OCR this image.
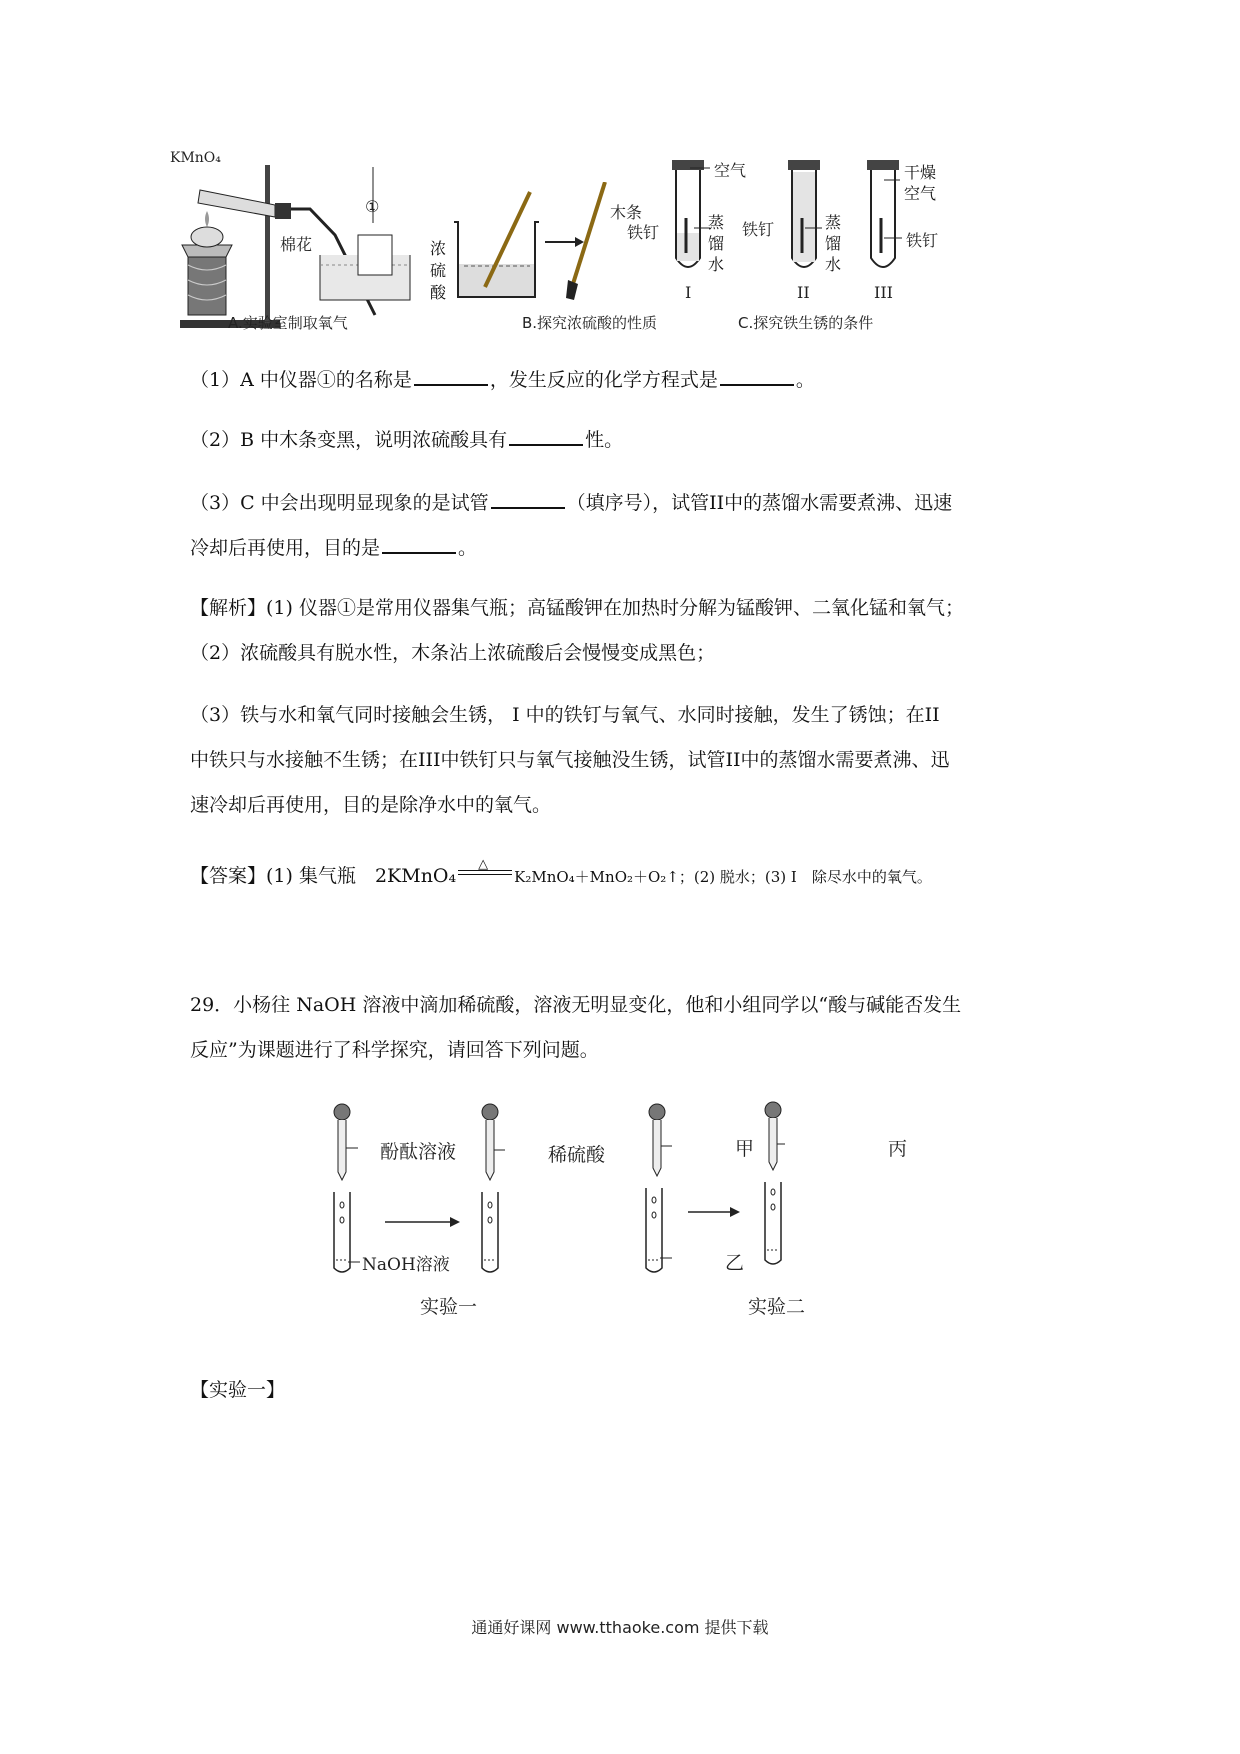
KMnO₄
棉花
①
A.实验室制取氧气
木条
浓
硫
酸
B.探究浓硫酸的性质
空气
铁钉
蒸
馏
水
铁钉	蒸
馏
水
干燥
空气
铁钉
I	II	III
C.探究铁生锈的条件
（1）A 中仪器①的名称是	，发生反应的化学方程式是	。
（2）B 中木条变黑，说明浓硫酸具有	性。
（3）C 中会出现明显现象的是试管	（填序号），试管II中的蒸馏水需要煮沸、迅速
冷却后再使用，目的是	。
【解析】(1) 仪器①是常用仪器集气瓶；高锰酸钾在加热时分解为锰酸钾、二氧化锰和氧气；
（2）浓硫酸具有脱水性，木条沾上浓硫酸后会慢慢变成黑色；
（3）铁与水和氧气同时接触会生锈， I 中的铁钉与氧气、水同时接触，发生了锈蚀；在II
中铁只与水接触不生锈；在III中铁钉只与氧气接触没生锈，试管II中的蒸馏水需要煮沸、迅
速冷却后再使用，目的是除净水中的氧气。
【答案】(1) 集气瓶　2KMnO₄
△
K₂MnO₄＋MnO₂＋O₂↑；(2) 脱水；(3) I　除尽水中的氧气。
29．小杨往 NaOH 溶液中滴加稀硫酸，溶液无明显变化，他和小组同学以“酸与碱能否发生
反应”为课题进行了科学探究，请回答下列问题。
酚酞溶液	稀硫酸
NaOH溶液
实验一
甲
乙
丙
实验二
【实验一】
通通好课网 www.tthaoke.com 提供下载
